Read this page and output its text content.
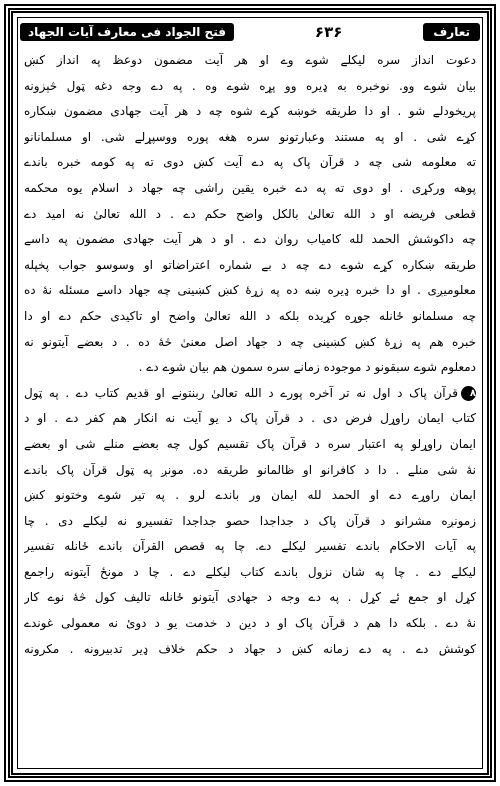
فتح الجواد فی معارف آیات الجهاد	۶۳۶	تعارف
دعوت انداز سره لیکلے شوے وے او هر آیت مضمون دوعظ په انداز کښ
بیان شوے وو. نوخبره به ډیره وو پړه شوے وه . په دے وجه دغه ټول څېزونه
پریخودلے شو . او دا طریقه خوښه کړے شوه چه د هر آیت جهادی مضمون ښکاره
کړے شی . او په مستند وعبارتونو سره هغه پوره ووسپړلے شی. او مسلمانانو
ته معلومه شی چه د قرآن پاک په دے آیت کښ دوی ته په کومه خبره باندے
پوهه ورکړی . او دوی ته په دے خبره یقین راشی چه جهاد د اسلام یوه محکمه
قطعی فریضه او د الله تعالیٰ بالکل واضح حکم دے . د الله تعالیٰ نه امید دے
چه داکوشش الحمد لله کامیاب روان دے . او د هر آیت جهادی مضمون په داسے
طریقه ښکاره کړے شوے دے چه د بے شماره اعتراضاتو او وسوسو جواب پخپله
معلومیږی . او دا خبره ډیره ښه ده په زړهٔ کښ کښینی چه جهاد داسے مسئله نهٔ ده
چه مسلمانو ځانله جوړه کړیده بلکه د الله تعالیٰ واضح او تاکیدی حکم دے او دا
خبره هم په زړهٔ کښ کښینی چه د جهاد اصل معنیٰ څهٔ ده . د بعضے آیتونو نه
دمعلوم شوے سبقونو د موجوده زمانے سره سمون هم بیان شوے دے .
۸قرآن پاک د اول نه تر آخره پورے د الله تعالیٰ ربنتونے او قدیم کتاب دے . په ټول
کتاب ایمان راوړل فرض دی . د قرآن پاک د یو آیت نه انکار هم کفر دے . او د
ایمان راوړلو په اعتبار سره د قرآن پاک تقسیم کول چه بعضے منلے شی او بعضے
نهٔ شی منلے . دا د کافرانو او ظالمانو طریقه ده. مونږ په ټول قرآن پاک باندے
ایمان راوړے دے او الحمد لله ایمان ور باندے لرو . په تیر شوے وختونو کښ
زمونږه مشرانو د قرآن پاک د جداجدا حصو جداجدا تفسیرو نه لیکلے دی . چا
په آیات الاحکام باندے تفسیر لیکلے دے. چا په قصص القرآن باندے ځانله تفسیر
لیکلے دے . چا په شان نزول باندے کتاب لیکلے دے . چا د مونځ آیتونه راجمع
کړل او جمع ئے کړل . په دے وجه د جهادی آیتونو ځانله تالیف کول څهٔ نوے کار
نهٔ دے . بلکه دا هم د قرآن پاک او د دین د خدمت یو د دوئ نه معمولی غوندے
کوشش دے . په دے زمانه کښ د جهاد د حکم خلاف ډیر تدبیرونه . مکرونه
